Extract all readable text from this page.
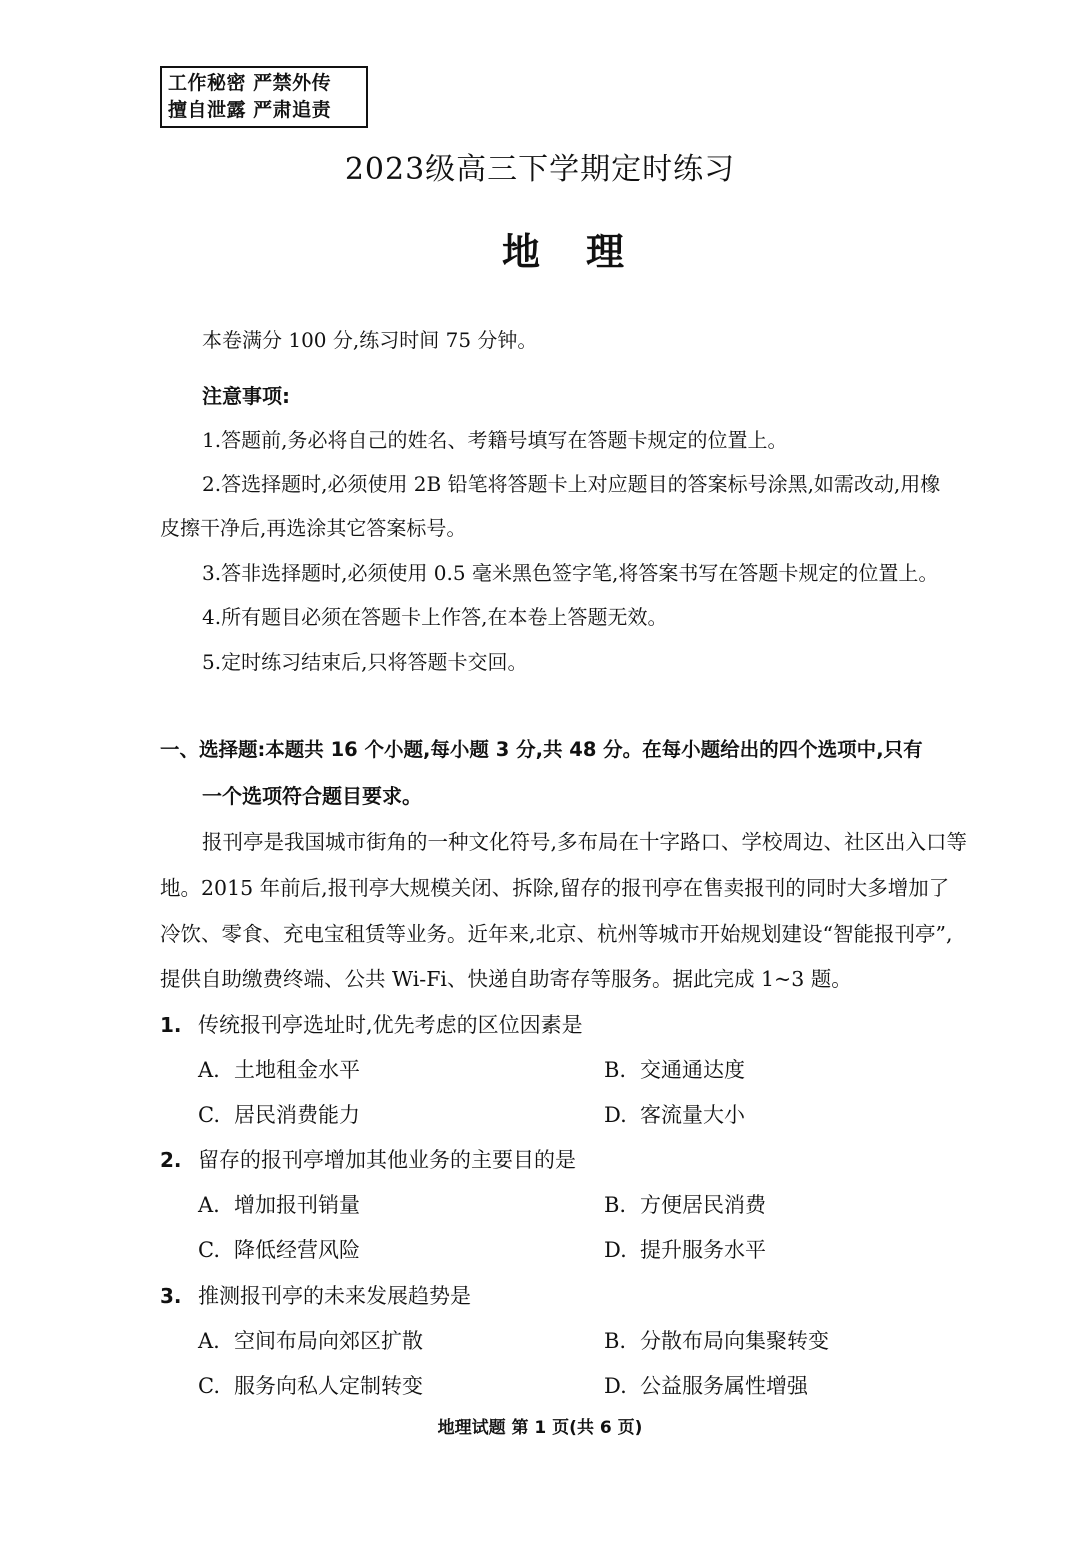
工作秘密 严禁外传
擅自泄露 严肃追责
2023级高三下学期定时练习
地理
本卷满分 100 分,练习时间 75 分钟。
注意事项:
1.答题前,务必将自己的姓名、考籍号填写在答题卡规定的位置上。
2.答选择题时,必须使用 2B 铅笔将答题卡上对应题目的答案标号涂黑,如需改动,用橡
皮擦干净后,再选涂其它答案标号。
3.答非选择题时,必须使用 0.5 毫米黑色签字笔,将答案书写在答题卡规定的位置上。
4.所有题目必须在答题卡上作答,在本卷上答题无效。
5.定时练习结束后,只将答题卡交回。
一、选择题:本题共 16 个小题,每小题 3 分,共 48 分。在每小题给出的四个选项中,只有
一个选项符合题目要求。
报刊亭是我国城市街角的一种文化符号,多布局在十字路口、学校周边、社区出入口等
地。2015 年前后,报刊亭大规模关闭、拆除,留存的报刊亭在售卖报刊的同时大多增加了
冷饮、零食、充电宝租赁等业务。近年来,北京、杭州等城市开始规划建设“智能报刊亭”,
提供自助缴费终端、公共 Wi-Fi、快递自助寄存等服务。据此完成 1~3 题。
1. 传统报刊亭选址时,优先考虑的区位因素是
A. 土地租金水平	B. 交通通达度
C. 居民消费能力	D. 客流量大小
2. 留存的报刊亭增加其他业务的主要目的是
A. 增加报刊销量	B. 方便居民消费
C. 降低经营风险	D. 提升服务水平
3. 推测报刊亭的未来发展趋势是
A. 空间布局向郊区扩散	B. 分散布局向集聚转变
C. 服务向私人定制转变	D. 公益服务属性增强
地理试题 第 1 页(共 6 页)
